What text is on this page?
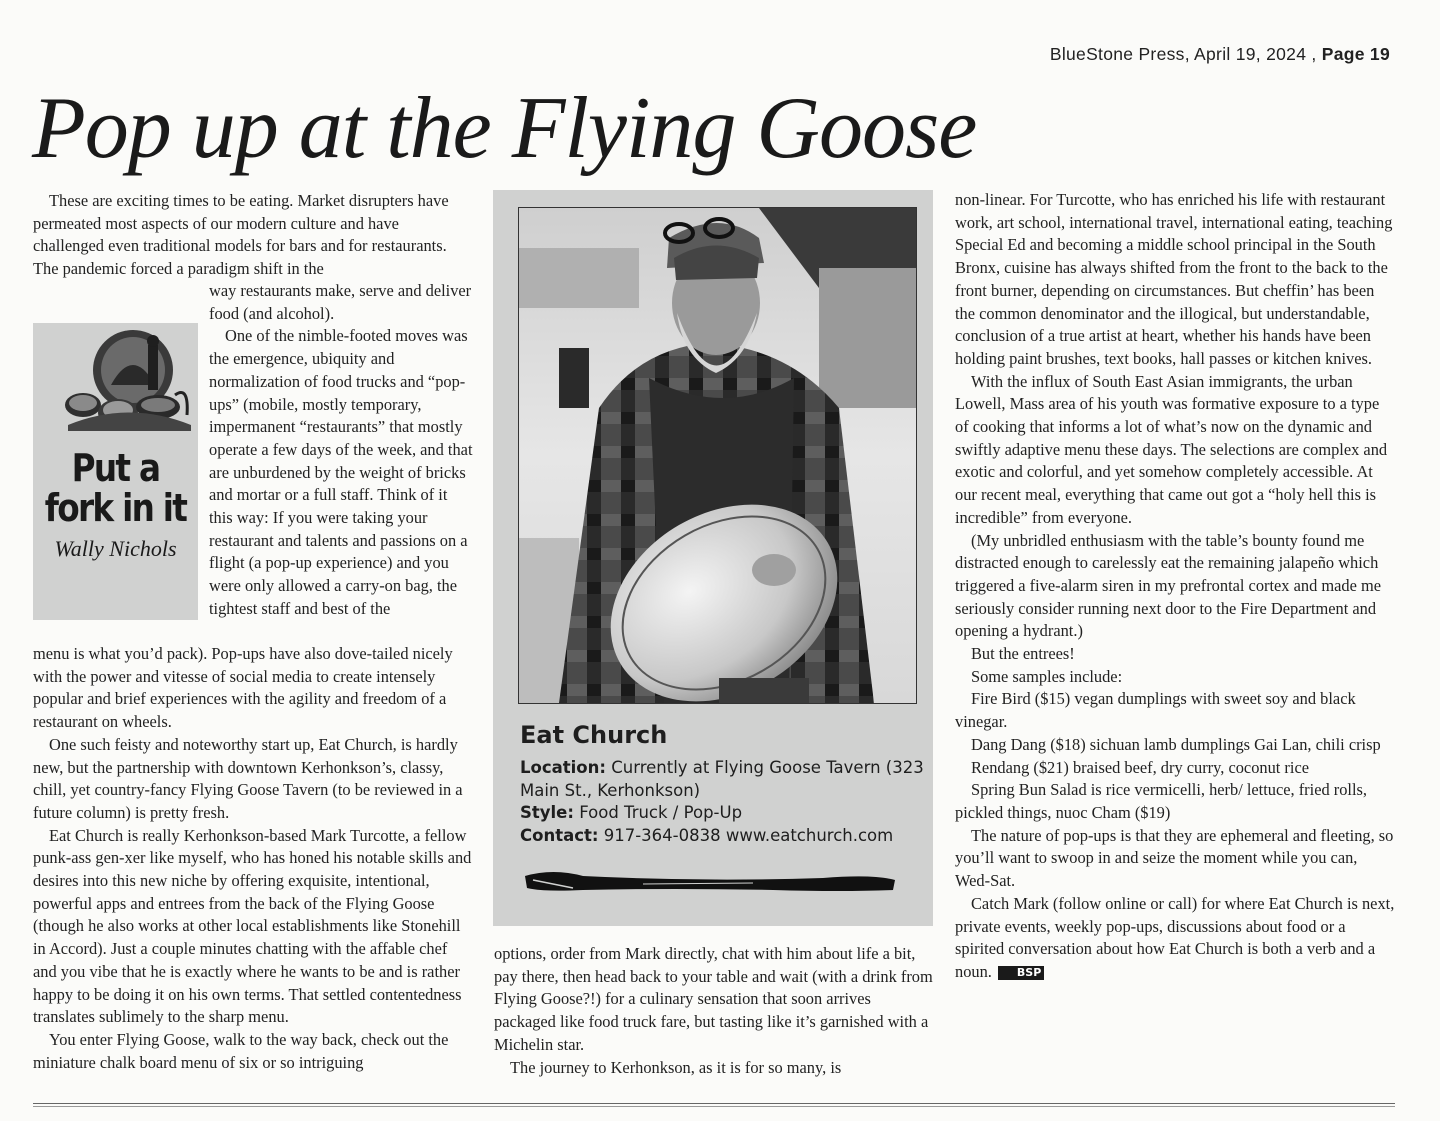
BlueStone Press, April 19, 2024 , Page 19
Pop up at the Flying Goose

These are exciting times to be eating. Market disrupters have permeated most aspects of our modern culture and have challenged even traditional models for bars and for restaurants. The pandemic forced a paradigm shift in the

Put a
fork in it
Wally Nichols

way restaurants make, serve and deliver food (and alcohol).

One of the nimble-footed moves was the emergence, ubiquity and normalization of food trucks and “pop-ups” (mobile, mostly temporary, impermanent “restaurants” that mostly operate a few days of the week, and that are unburdened by the weight of bricks and mortar or a full staff. Think of it this way: If you were taking your restaurant and talents and passions on a flight (a pop-up experience) and you were only allowed a carry-on bag, the tightest staff and best of the

menu is what you’d pack). Pop-ups have also dove-tailed nicely with the power and vitesse of social media to create intensely popular and brief experiences with the agility and freedom of a restaurant on wheels.

One such feisty and noteworthy start up, Eat Church, is hardly new, but the partnership with downtown Kerhonkson’s, classy, chill, yet country-fancy Flying Goose Tavern (to be reviewed in a future column) is pretty fresh.

Eat Church is really Kerhonkson-based Mark Turcotte, a fellow punk-ass gen-xer like myself, who has honed his notable skills and desires into this new niche by offering exquisite, intentional, powerful apps and entrees from the back of the Flying Goose (though he also works at other local establishments like Stonehill in Accord). Just a couple minutes chatting with the affable chef and you vibe that he is exactly where he wants to be and is rather happy to be doing it on his own terms. That settled contentedness translates sublimely to the sharp menu.

You enter Flying Goose, walk to the way back, check out the miniature chalk board menu of six or so intriguing

Eat Church
Location: Currently at Flying Goose Tavern (323 Main St., Kerhonkson)
Style: Food Truck / Pop-Up
Contact: 917-364-0838 www.eatchurch.com

options, order from Mark directly, chat with him about life a bit, pay there, then head back to your table and wait (with a drink from Flying Goose?!) for a culinary sensation that soon arrives packaged like food truck fare, but tasting like it’s garnished with a Michelin star.

The journey to Kerhonkson, as it is for so many, is

non-linear. For Turcotte, who has enriched his life with restaurant work, art school, international travel, international eating, teaching Special Ed and becoming a middle school principal in the South Bronx, cuisine has always shifted from the front to the back to the front burner, depending on circumstances. But cheffin’ has been the common denominator and the illogical, but understandable, conclusion of a true artist at heart, whether his hands have been holding paint brushes, text books, hall passes or kitchen knives.

With the influx of South East Asian immigrants, the urban Lowell, Mass area of his youth was formative exposure to a type of cooking that informs a lot of what’s now on the dynamic and swiftly adaptive menu these days. The selections are complex and exotic and colorful, and yet somehow completely accessible. At our recent meal, everything that came out got a “holy hell this is incredible” from everyone.

(My unbridled enthusiasm with the table’s bounty found me distracted enough to carelessly eat the remaining jalapeño which triggered a five-alarm siren in my prefrontal cortex and made me seriously consider running next door to the Fire Department and opening a hydrant.)

But the entrees!

Some samples include:

Fire Bird ($15) vegan dumplings with sweet soy and black vinegar.

Dang Dang ($18) sichuan lamb dumplings Gai Lan, chili crisp

Rendang ($21) braised beef, dry curry, coconut rice

Spring Bun Salad is rice vermicelli, herb/ lettuce, fried rolls, pickled things, nuoc Cham ($19)

The nature of pop-ups is that they are ephemeral and fleeting, so you’ll want to swoop in and seize the moment while you can, Wed-Sat.

Catch Mark (follow online or call) for where Eat Church is next, private events, weekly pop-ups, discussions about food or a spirited conversation about how Eat Church is both a verb and a noun. BSP
